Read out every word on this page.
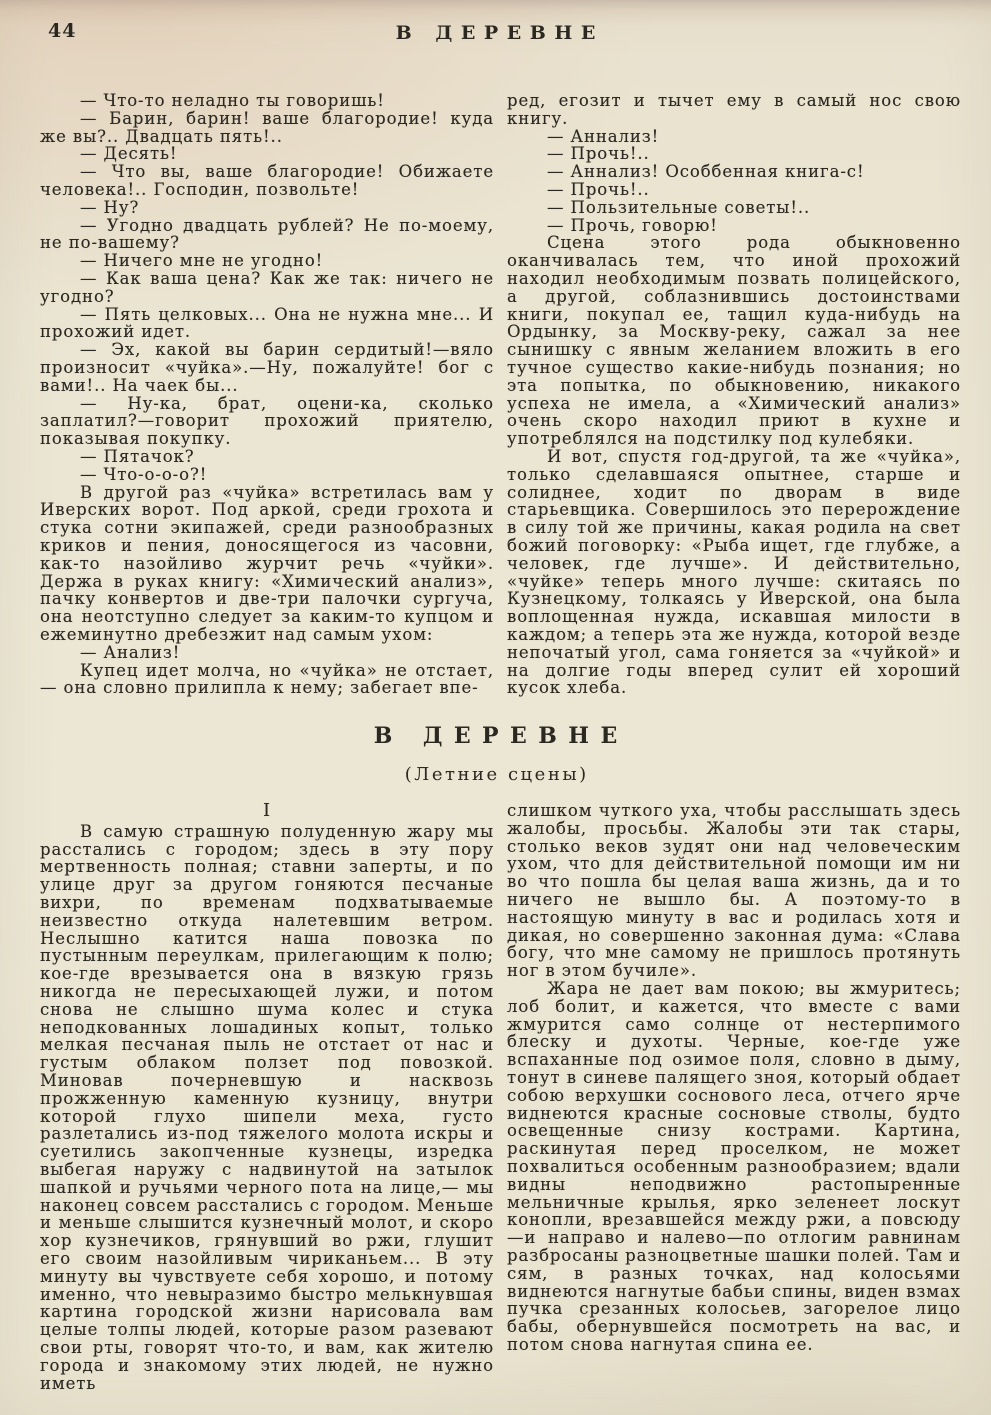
44	В ДЕРЕВНЕ

— Что-то неладно ты говоришь!

— Барин, барин! ваше благородие! куда же вы?.. Двадцать пять!..

— Десять!

— Что вы, ваше благородие! Обижаете человека!.. Господин, позвольте!

— Ну?

— Угодно двадцать рублей? Не по-моему, не по-вашему?

— Ничего мне не угодно!

— Как ваша цена? Как же так: ничего не угодно?

— Пять целковых... Она не нужна мне... И прохожий идет.

— Эх, какой вы барин сердитый!—вяло произносит «чуйка».—Ну, пожалуйте! бог с вами!.. На чаек бы...

— Ну-ка, брат, оцени-ка, сколько заплатил?—говорит прохожий приятелю, показывая покупку.

— Пятачок?

— Что-о-о-о?!

В другой раз «чуйка» встретилась вам у Иверских ворот. Под аркой, среди грохота и стука сотни экипажей, среди разнообразных криков и пения, доносящегося из часовни, как-то назойливо журчит речь «чуйки». Держа в руках книгу: «Химический анализ», пачку конвертов и две-три палочки сургуча, она неотступно следует за каким-то купцом и ежеминутно дребезжит над самым ухом:

— Анализ!

Купец идет молча, но «чуйка» не отстает,— она словно прилипла к нему; забегает впе-

ред, егозит и тычет ему в самый нос свою книгу.

— Аннализ!

— Прочь!..

— Аннализ! Особбенная книга-с!

— Прочь!..

— Пользительные советы!..

— Прочь, говорю!

Сцена этого рода обыкновенно оканчивалась тем, что иной прохожий находил необходимым позвать полицейского, а другой, соблазнившись достоинствами книги, покупал ее, тащил куда-нибудь на Ордынку, за Москву-реку, сажал за нее сынишку с явным желанием вложить в его тучное существо какие-нибудь познания; но эта попытка, по обыкновению, никакого успеха не имела, а «Химический анализ» очень скоро находил приют в кухне и употреблялся на подстилку под кулебяки.

И вот, спустя год-другой, та же «чуйка», только сделавшаяся опытнее, старше и солиднее, ходит по дворам в виде старьевщика. Совершилось это перерождение в силу той же причины, какая родила на свет божий поговорку: «Рыба ищет, где глубже, а человек, где лучше». И действительно, «чуйке» теперь много лучше: скитаясь по Кузнецкому, толкаясь у Иверской, она была воплощенная нужда, искавшая милости в каждом; а теперь эта же нужда, которой везде непочатый угол, сама гоняется за «чуйкой» и на долгие годы вперед сулит ей хороший кусок хлеба.

В ДЕРЕВНЕ
(Летние сцены)
I

В самую страшную полуденную жару мы расстались с городом; здесь в эту пору мертвенность полная; ставни заперты, и по улице друг за другом гоняются песчаные вихри, по временам подхватываемые неизвестно откуда налетевшим ветром. Неслышно катится наша повозка по пустынным переулкам, прилегающим к полю; кое-где врезывается она в вязкую грязь никогда не пересыхающей лужи, и потом снова не слышно шума колес и стука неподкованных лошадиных копыт, только мелкая песчаная пыль не отстает от нас и густым облаком ползет под повозкой. Миновав почерневшую и насквозь прожженную каменную кузницу, внутри которой глухо шипели меха, густо разлетались из-под тяжелого молота искры и суетились закопченные кузнецы, изредка выбегая наружу с надвинутой на затылок шапкой и ручьями черного пота на лице,— мы наконец совсем расстались с городом. Меньше и меньше слышится кузнечный молот, и скоро хор кузнечиков, грянувший во ржи, глушит его своим назойливым чириканьем... В эту минуту вы чувствуете себя хорошо, и потому именно, что невыразимо быстро мелькнувшая картина городской жизни нарисовала вам целые толпы людей, которые разом разевают свои рты, говорят что-то, и вам, как жителю города и знакомому этих людей, не нужно иметь

слишком чуткого уха, чтобы расслышать здесь жалобы, просьбы. Жалобы эти так стары, столько веков зудят они над человеческим ухом, что для действительной помощи им ни во что пошла бы целая ваша жизнь, да и то ничего не вышло бы. А поэтому-то в настоящую минуту в вас и родилась хотя и дикая, но совершенно законная дума: «Слава богу, что мне самому не пришлось протянуть ног в этом бучиле».

Жара не дает вам покою; вы жмуритесь; лоб болит, и кажется, что вместе с вами жмурится само солнце от нестерпимого блеску и духоты. Черные, кое-где уже вспаханные под озимое поля, словно в дыму, тонут в синеве палящего зноя, который обдает собою верхушки соснового леса, отчего ярче виднеются красные сосновые стволы, будто освещенные снизу кострами. Картина, раскинутая перед проселком, не может похвалиться особенным разнообразием; вдали видны неподвижно растопыренные мельничные крылья, ярко зеленеет лоскут конопли, врезавшейся между ржи, а повсюду—и направо и налево—по отлогим равнинам разбросаны разноцветные шашки полей. Там и сям, в разных точках, над колосьями виднеются нагнутые бабьи спины, виден взмах пучка срезанных колосьев, загорелое лицо бабы, обернувшейся посмотреть на вас, и потом снова нагнутая спина ее.
